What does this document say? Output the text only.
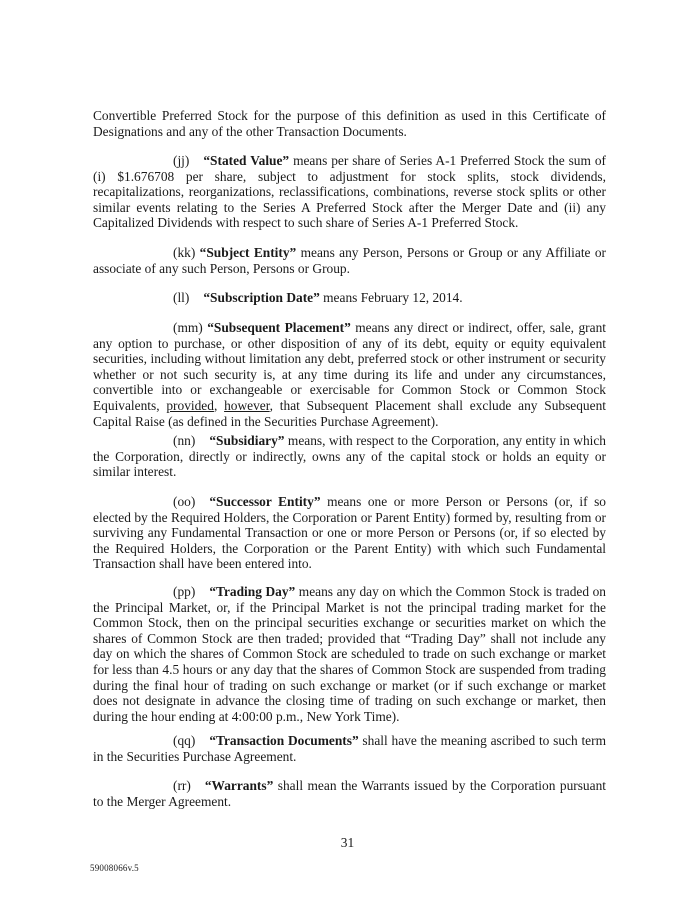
Convertible Preferred Stock for the purpose of this definition as used in this Certificate of Designations and any of the other Transaction Documents.

(jj) “Stated Value” means per share of Series A-1 Preferred Stock the sum of (i) $1.676708 per share, subject to adjustment for stock splits, stock dividends, recapitalizations, reorganizations, reclassifications, combinations, reverse stock splits or other similar events relating to the Series A Preferred Stock after the Merger Date and (ii) any Capitalized Dividends with respect to such share of Series A-1 Preferred Stock.

(kk) “Subject Entity” means any Person, Persons or Group or any Affiliate or associate of any such Person, Persons or Group.

(ll) “Subscription Date” means February 12, 2014.

(mm) “Subsequent Placement” means any direct or indirect, offer, sale, grant any option to purchase, or other disposition of any of its debt, equity or equity equivalent securities, including without limitation any debt, preferred stock or other instrument or security whether or not such security is, at any time during its life and under any circumstances, convertible into or exchangeable or exercisable for Common Stock or Common Stock Equivalents, provided, however, that Subsequent Placement shall exclude any Subsequent Capital Raise (as defined in the Securities Purchase Agreement).

(nn) “Subsidiary” means, with respect to the Corporation, any entity in which the Corporation, directly or indirectly, owns any of the capital stock or holds an equity or similar interest.

(oo) “Successor Entity” means one or more Person or Persons (or, if so elected by the Required Holders, the Corporation or Parent Entity) formed by, resulting from or surviving any Fundamental Transaction or one or more Person or Persons (or, if so elected by the Required Holders, the Corporation or the Parent Entity) with which such Fundamental Transaction shall have been entered into.

(pp) “Trading Day” means any day on which the Common Stock is traded on the Principal Market, or, if the Principal Market is not the principal trading market for the Common Stock, then on the principal securities exchange or securities market on which the shares of Common Stock are then traded; provided that “Trading Day” shall not include any day on which the shares of Common Stock are scheduled to trade on such exchange or market for less than 4.5 hours or any day that the shares of Common Stock are suspended from trading during the final hour of trading on such exchange or market (or if such exchange or market does not designate in advance the closing time of trading on such exchange or market, then during the hour ending at 4:00:00 p.m., New York Time).

(qq) “Transaction Documents” shall have the meaning ascribed to such term in the Securities Purchase Agreement.

(rr) “Warrants” shall mean the Warrants issued by the Corporation pursuant to the Merger Agreement.

31
59008066v.5
